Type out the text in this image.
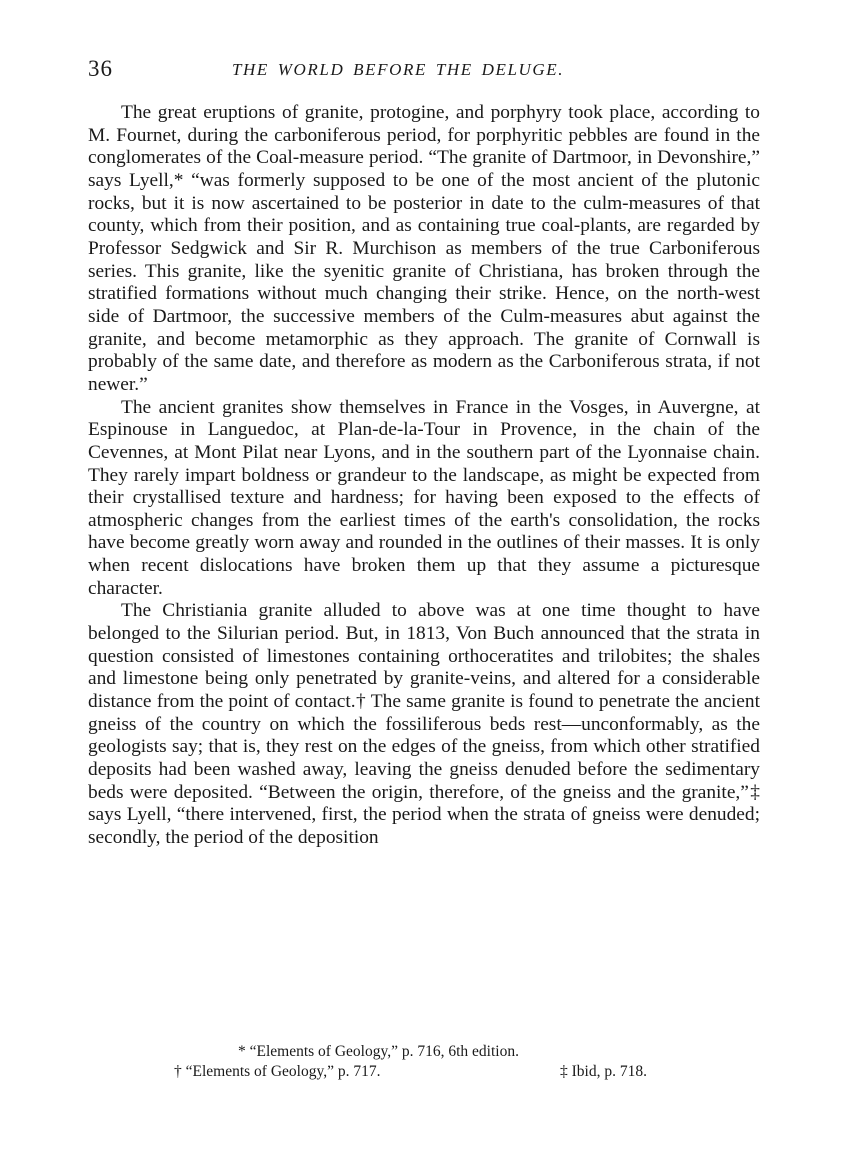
36	THE WORLD BEFORE THE DELUGE.

The great eruptions of granite, protogine, and porphyry took place, according to M. Fournet, during the carboniferous period, for porphyritic pebbles are found in the conglomerates of the Coal-measure period. “The granite of Dartmoor, in Devonshire,” says Lyell,* “was formerly supposed to be one of the most ancient of the plutonic rocks, but it is now ascertained to be posterior in date to the culm-measures of that county, which from their position, and as containing true coal-plants, are regarded by Professor Sedgwick and Sir R. Murchison as members of the true Carboniferous series. This granite, like the syenitic granite of Christiana, has broken through the stratified formations without much changing their strike. Hence, on the north-west side of Dartmoor, the successive members of the Culm-measures abut against the granite, and become metamorphic as they approach. The granite of Cornwall is probably of the same date, and therefore as modern as the Carboniferous strata, if not newer.”

The ancient granites show themselves in France in the Vosges, in Auvergne, at Espinouse in Languedoc, at Plan-de-la-Tour in Provence, in the chain of the Cevennes, at Mont Pilat near Lyons, and in the southern part of the Lyonnaise chain. They rarely impart boldness or grandeur to the landscape, as might be expected from their crystallised texture and hardness; for having been exposed to the effects of atmospheric changes from the earliest times of the earth's consolidation, the rocks have become greatly worn away and rounded in the outlines of their masses. It is only when recent dislocations have broken them up that they assume a picturesque character.

The Christiania granite alluded to above was at one time thought to have belonged to the Silurian period. But, in 1813, Von Buch announced that the strata in question consisted of limestones containing orthoceratites and trilobites; the shales and limestone being only penetrated by granite-veins, and altered for a considerable distance from the point of contact.† The same granite is found to penetrate the ancient gneiss of the country on which the fossiliferous beds rest—unconformably, as the geologists say; that is, they rest on the edges of the gneiss, from which other stratified deposits had been washed away, leaving the gneiss denuded before the sedimentary beds were deposited. “Between the origin, therefore, of the gneiss and the granite,”‡ says Lyell, “there intervened, first, the period when the strata of gneiss were denuded; secondly, the period of the deposition

* “Elements of Geology,” p. 716, 6th edition.
† “Elements of Geology,” p. 717.	‡ Ibid, p. 718.
